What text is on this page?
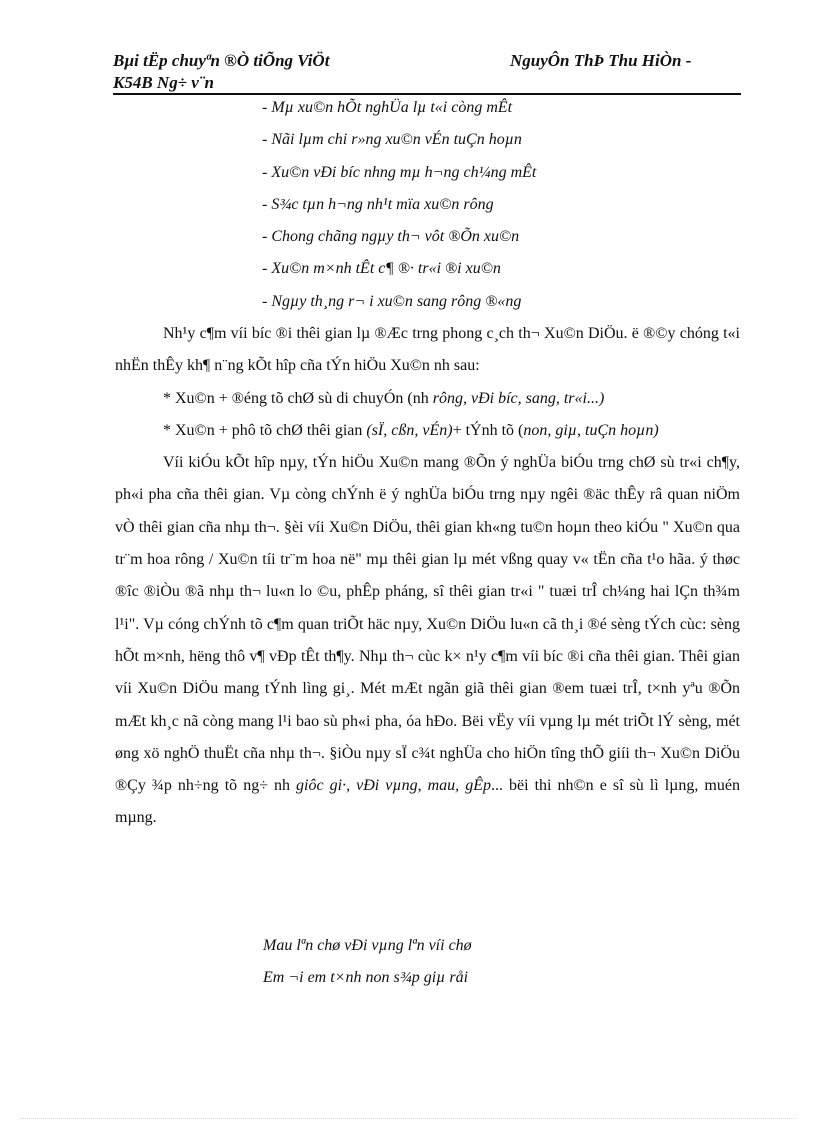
Bµi tËp chuyªn ®Ò tiÕng ViÖt	NguyÔn ThÞ Thu HiÒn -
K54B Ng÷ v¨n
- Mµ xu©n hÕt nghÜa lµ t«i còng mÊt
- Nãi lµm chi r»ng xu©n vÉn tuÇn hoµn
- Xu©n vÐi bíc nhng mµ h¬ng ch¼ng mÊt
- S¾c tµn h¬ng nh¹t mïa xu©n rông
- Chong chãng ngµy th¬ vôt ®Õn xu©n
- Xu©n m×nh tÊt c¶ ®· tr«i ®i xu©n
- Ngµy th¸ng r¬ i xu©n sang rông ®«ng

Nh¹y c¶m víi bíc ®i thêi gian lµ ®Æc trng phong c¸ch th¬ Xu©n DiÖu. ë ®©y chóng t«i nhËn thÊy kh¶ n¨ng kÕt hîp cña tÝn hiÖu Xu©n nh sau:

* Xu©n + ®éng tõ chØ sù di chuyÓn (nh rông, vÐi bíc, sang, tr«i...)

* Xu©n + phô tõ chØ thêi gian (sÏ, cßn, vÉn)+ tÝnh tõ (non, giµ, tuÇn hoµn)

Víi kiÓu kÕt hîp nµy, tÝn hiÖu Xu©n mang ®Õn ý nghÜa biÓu trng chØ sù tr«i ch¶y, ph«i pha cña thêi gian. Vµ còng chÝnh ë ý nghÜa biÓu trng nµy ngêi ®äc thÊy râ quan niÖm vÒ thêi gian cña nhµ th¬. §èi víi Xu©n DiÖu, thêi gian kh«ng tu©n hoµn theo kiÓu " Xu©n qua tr¨m hoa rông / Xu©n tíi tr¨m hoa në" mµ thêi gian lµ mét vßng quay v« tËn cña t¹o hãa. ý thøc ®îc ®iÒu ®ã nhµ th¬ lu«n lo ©u, phÊp pháng, sî thêi gian tr«i " tuæi trÎ ch¼ng hai lÇn th¾m l¹i". Vµ cóng chÝnh tõ c¶m quan triÕt häc nµy, Xu©n DiÖu lu«n cã th¸i ®é sèng tÝch cùc: sèng hÕt m×nh, hëng thô v¶ vÐp tÊt th¶y. Nhµ th¬ cùc k× n¹y c¶m víi bíc ®i cña thêi gian. Thêi gian víi Xu©n DiÖu mang tÝnh lìng gi¸. Mét mÆt ngãn giã thêi gian ®em tuæi trÎ, t×nh yªu ®Õn mÆt kh¸c nã còng mang l¹i bao sù ph«i pha, óa hÐo. Bëi vËy víi vµng lµ mét triÕt lÝ sèng, mét øng xö nghÖ thuËt cña nhµ th¬. §iÒu nµy sÏ c¾t nghÜa cho hiÖn tîng thÕ giíi th¬ Xu©n DiÖu ®Çy ¾p nh÷ng tõ ng÷ nh giôc gi·, vÐi vµng, mau, gÊp... bëi thi nh©n e sî sù lì lµng, muén mµng.

Mau lªn chø vÐi vµng lªn víi chø
Em ¬i em t×nh non s¾p giµ råi
